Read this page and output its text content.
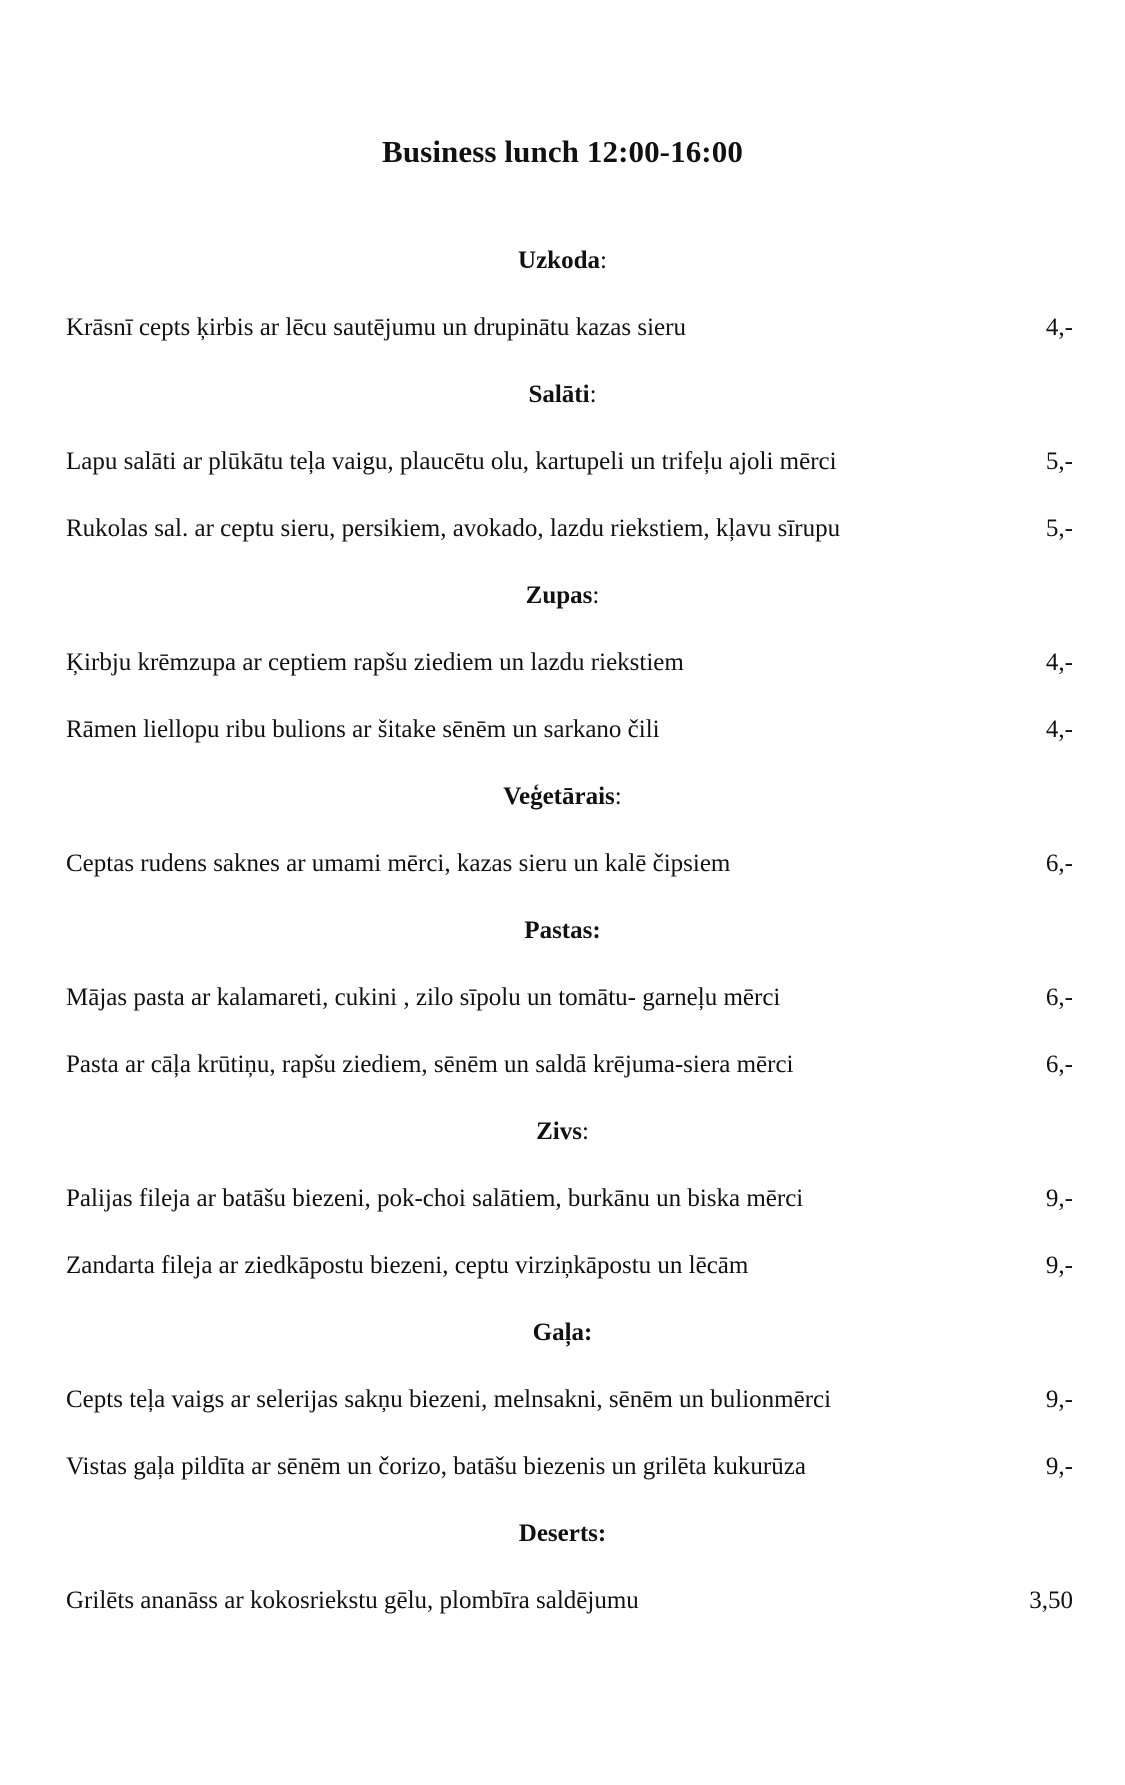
Business lunch 12:00-16:00
Uzkoda:
Krāsnī cepts ķirbis ar lēcu sautējumu un drupinātu kazas sieru	4,-
Salāti:
Lapu salāti ar plūkātu teļa vaigu, plaucētu olu, kartupeli un trifeļu ajoli mērci	5,-
Rukolas sal. ar ceptu sieru, persikiem, avokado, lazdu riekstiem, kļavu sīrupu	5,-
Zupas:
Ķirbju krēmzupa ar ceptiem rapšu ziediem un lazdu riekstiem	4,-
Rāmen liellopu ribu bulions ar šitake sēnēm un sarkano čili	4,-
Veģetārais:
Ceptas rudens saknes ar umami mērci, kazas sieru un kalē čipsiem	6,-
Pastas:
Mājas pasta ar kalamareti, cukini , zilo sīpolu un tomātu- garneļu mērci	6,-
Pasta ar cāļa krūtiņu, rapšu ziediem, sēnēm un saldā krējuma-siera mērci	6,-
Zivs:
Palijas fileja ar batāšu biezeni, pok-choi salātiem, burkānu un biska mērci	9,-
Zandarta fileja ar ziedkāpostu biezeni, ceptu virziņkāpostu un lēcām	9,-
Gaļa:
Cepts teļa vaigs ar selerijas sakņu biezeni, melnsakni, sēnēm un bulionmērci	9,-
Vistas gaļa pildīta ar sēnēm un čorizo, batāšu biezenis un grilēta kukurūza	9,-
Deserts:
Grilēts ananāss ar kokosriekstu gēlu, plombīra saldējumu	3,50
